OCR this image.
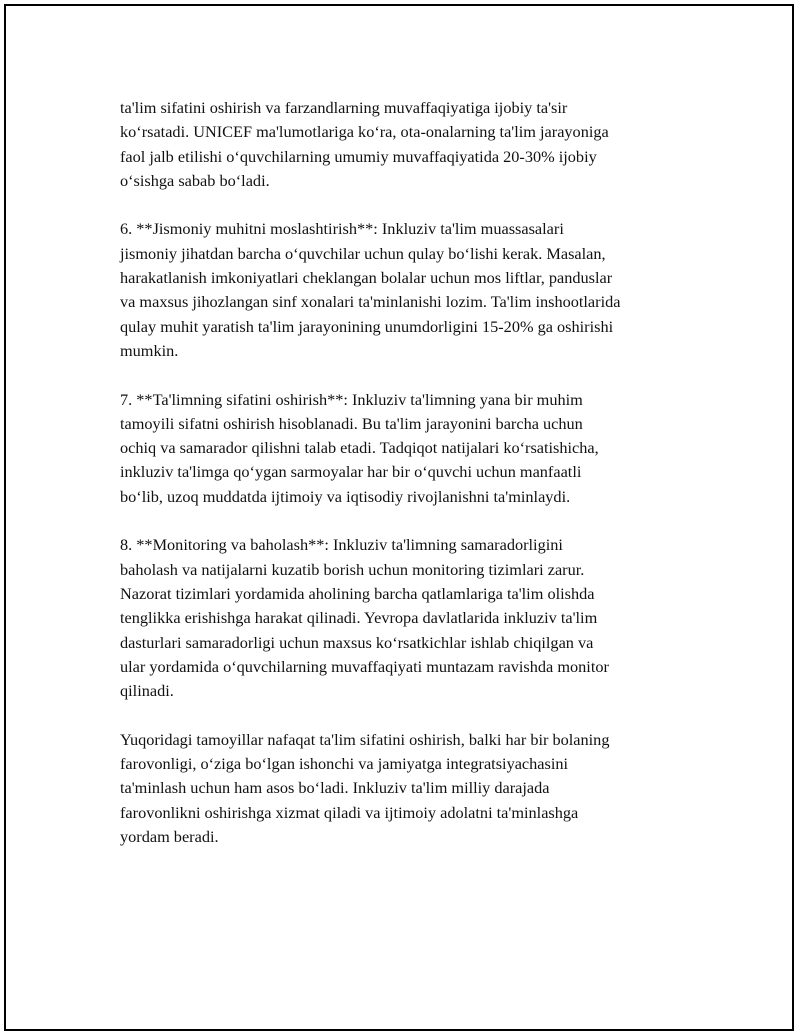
ta'lim sifatini oshirish va farzandlarning muvaffaqiyatiga ijobiy ta'sir
koʻrsatadi. UNICEF ma'lumotlariga koʻra, ota-onalarning ta'lim jarayoniga
faol jalb etilishi oʻquvchilarning umumiy muvaffaqiyatida 20-30% ijobiy
oʻsishga sabab boʻladi.

6. **Jismoniy muhitni moslashtirish**: Inkluziv ta'lim muassasalari
jismoniy jihatdan barcha oʻquvchilar uchun qulay boʻlishi kerak. Masalan,
harakatlanish imkoniyatlari cheklangan bolalar uchun mos liftlar, panduslar
va maxsus jihozlangan sinf xonalari ta'minlanishi lozim. Ta'lim inshootlarida
qulay muhit yaratish ta'lim jarayonining unumdorligini 15-20% ga oshirishi
mumkin.

7. **Ta'limning sifatini oshirish**: Inkluziv ta'limning yana bir muhim
tamoyili sifatni oshirish hisoblanadi. Bu ta'lim jarayonini barcha uchun
ochiq va samarador qilishni talab etadi. Tadqiqot natijalari koʻrsatishicha,
inkluziv ta'limga qoʻygan sarmoyalar har bir oʻquvchi uchun manfaatli
boʻlib, uzoq muddatda ijtimoiy va iqtisodiy rivojlanishni ta'minlaydi.

8. **Monitoring va baholash**: Inkluziv ta'limning samaradorligini
baholash va natijalarni kuzatib borish uchun monitoring tizimlari zarur.
Nazorat tizimlari yordamida aholining barcha qatlamlariga ta'lim olishda
tenglikka erishishga harakat qilinadi. Yevropa davlatlarida inkluziv ta'lim
dasturlari samaradorligi uchun maxsus koʻrsatkichlar ishlab chiqilgan va
ular yordamida oʻquvchilarning muvaffaqiyati muntazam ravishda monitor
qilinadi.

Yuqoridagi tamoyillar nafaqat ta'lim sifatini oshirish, balki har bir bolaning
farovonligi, oʻziga boʻlgan ishonchi va jamiyatga integratsiyachasini
ta'minlash uchun ham asos boʻladi. Inkluziv ta'lim milliy darajada
farovonlikni oshirishga xizmat qiladi va ijtimoiy adolatni ta'minlashga
yordam beradi.
